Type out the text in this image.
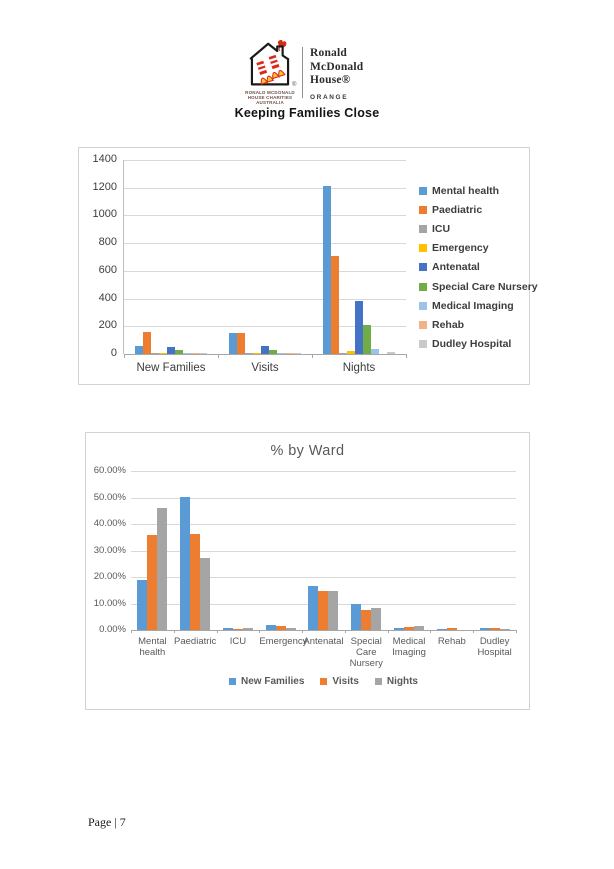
®
RONALD MCDONALD
HOUSE CHARITIES
AUSTRALIA
Ronald
McDonald
House®
ORANGE
Keeping Families Close
0
200
400
600
800
1000
1200
1400
New Families	Visits	Nights
Mental health
Paediatric
ICU
Emergency
Antenatal
Special Care Nursery
Medical Imaging
Rehab
Dudley Hospital
% by Ward
0.00%
10.00%
20.00%
30.00%
40.00%
50.00%
60.00%
Mental health
Paediatric	ICU	Emergency
Antenatal Special Care Nursery
Medical Imaging
Rehab	Dudley Hospital
New Families	Visits	Nights
Page | 7
